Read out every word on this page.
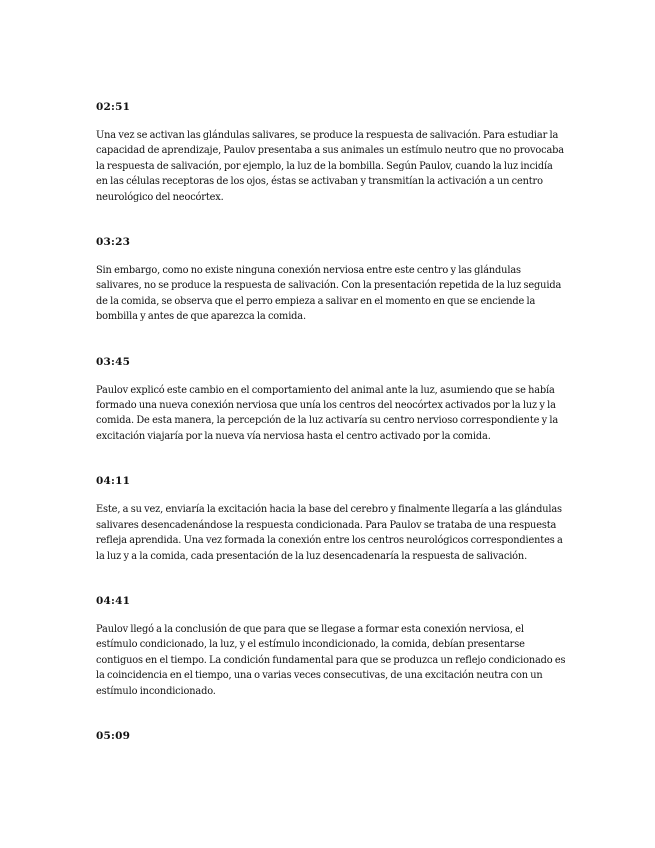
02:51

Una vez se activan las glándulas salivares, se produce la respuesta de salivación. Para estudiar la capacidad de aprendizaje, Paulov presentaba a sus animales un estímulo neutro que no provocaba la respuesta de salivación, por ejemplo, la luz de la bombilla. Según Paulov, cuando la luz incidía en las células receptoras de los ojos, éstas se activaban y transmitían la activación a un centro neurológico del neocórtex.

03:23

Sin embargo, como no existe ninguna conexión nerviosa entre este centro y las glándulas salivares, no se produce la respuesta de salivación. Con la presentación repetida de la luz seguida de la comida, se observa que el perro empieza a salivar en el momento en que se enciende la bombilla y antes de que aparezca la comida.

03:45

Paulov explicó este cambio en el comportamiento del animal ante la luz, asumiendo que se había formado una nueva conexión nerviosa que unía los centros del neocórtex activados por la luz y la comida. De esta manera, la percepción de la luz activaría su centro nervioso correspondiente y la excitación viajaría por la nueva vía nerviosa hasta el centro activado por la comida.

04:11

Este, a su vez, enviaría la excitación hacia la base del cerebro y finalmente llegaría a las glándulas salivares desencadenándose la respuesta condicionada. Para Paulov se trataba de una respuesta refleja aprendida. Una vez formada la conexión entre los centros neurológicos correspondientes a la luz y a la comida, cada presentación de la luz desencadenaría la respuesta de salivación.

04:41

Paulov llegó a la conclusión de que para que se llegase a formar esta conexión nerviosa, el estímulo condicionado, la luz, y el estímulo incondicionado, la comida, debían presentarse contiguos en el tiempo. La condición fundamental para que se produzca un reflejo condicionado es la coincidencia en el tiempo, una o varias veces consecutivas, de una excitación neutra con un estímulo incondicionado.

05:09
